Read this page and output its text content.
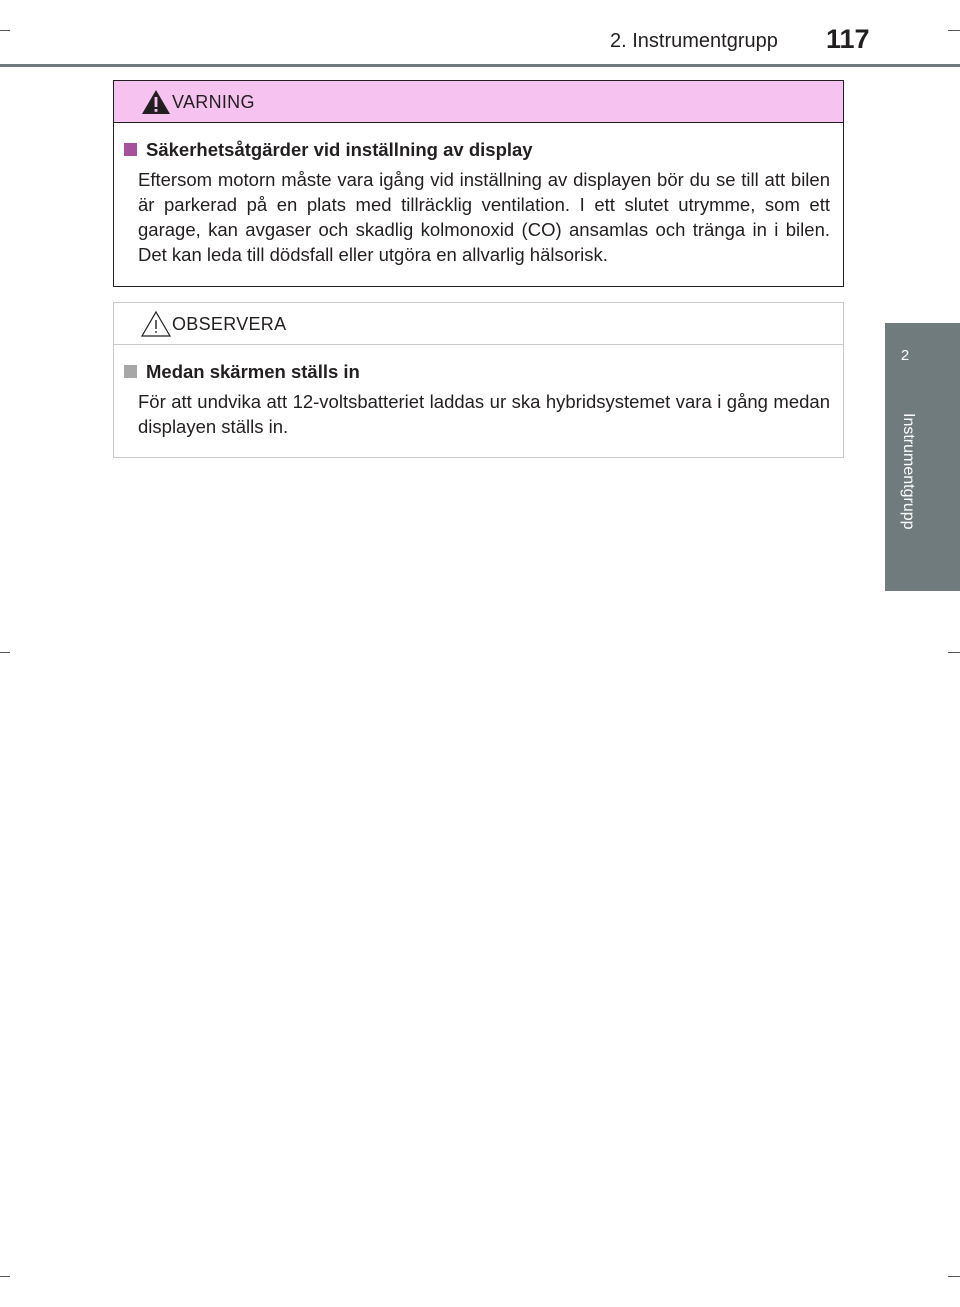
2. Instrumentgrupp 117
2
Instrumentgrupp
VARNING
Säkerhetsåtgärder vid inställning av display
Eftersom motorn måste vara igång vid inställning av displayen bör du se till att bilen är parkerad på en plats med tillräcklig ventilation. I ett slutet utrymme, som ett garage, kan avgaser och skadlig kolmonoxid (CO) ansamlas och tränga in i bilen. Det kan leda till dödsfall eller utgöra en allvarlig hälsorisk.
OBSERVERA
Medan skärmen ställs in
För att undvika att 12-voltsbatteriet laddas ur ska hybridsystemet vara i gång medan displayen ställs in.
